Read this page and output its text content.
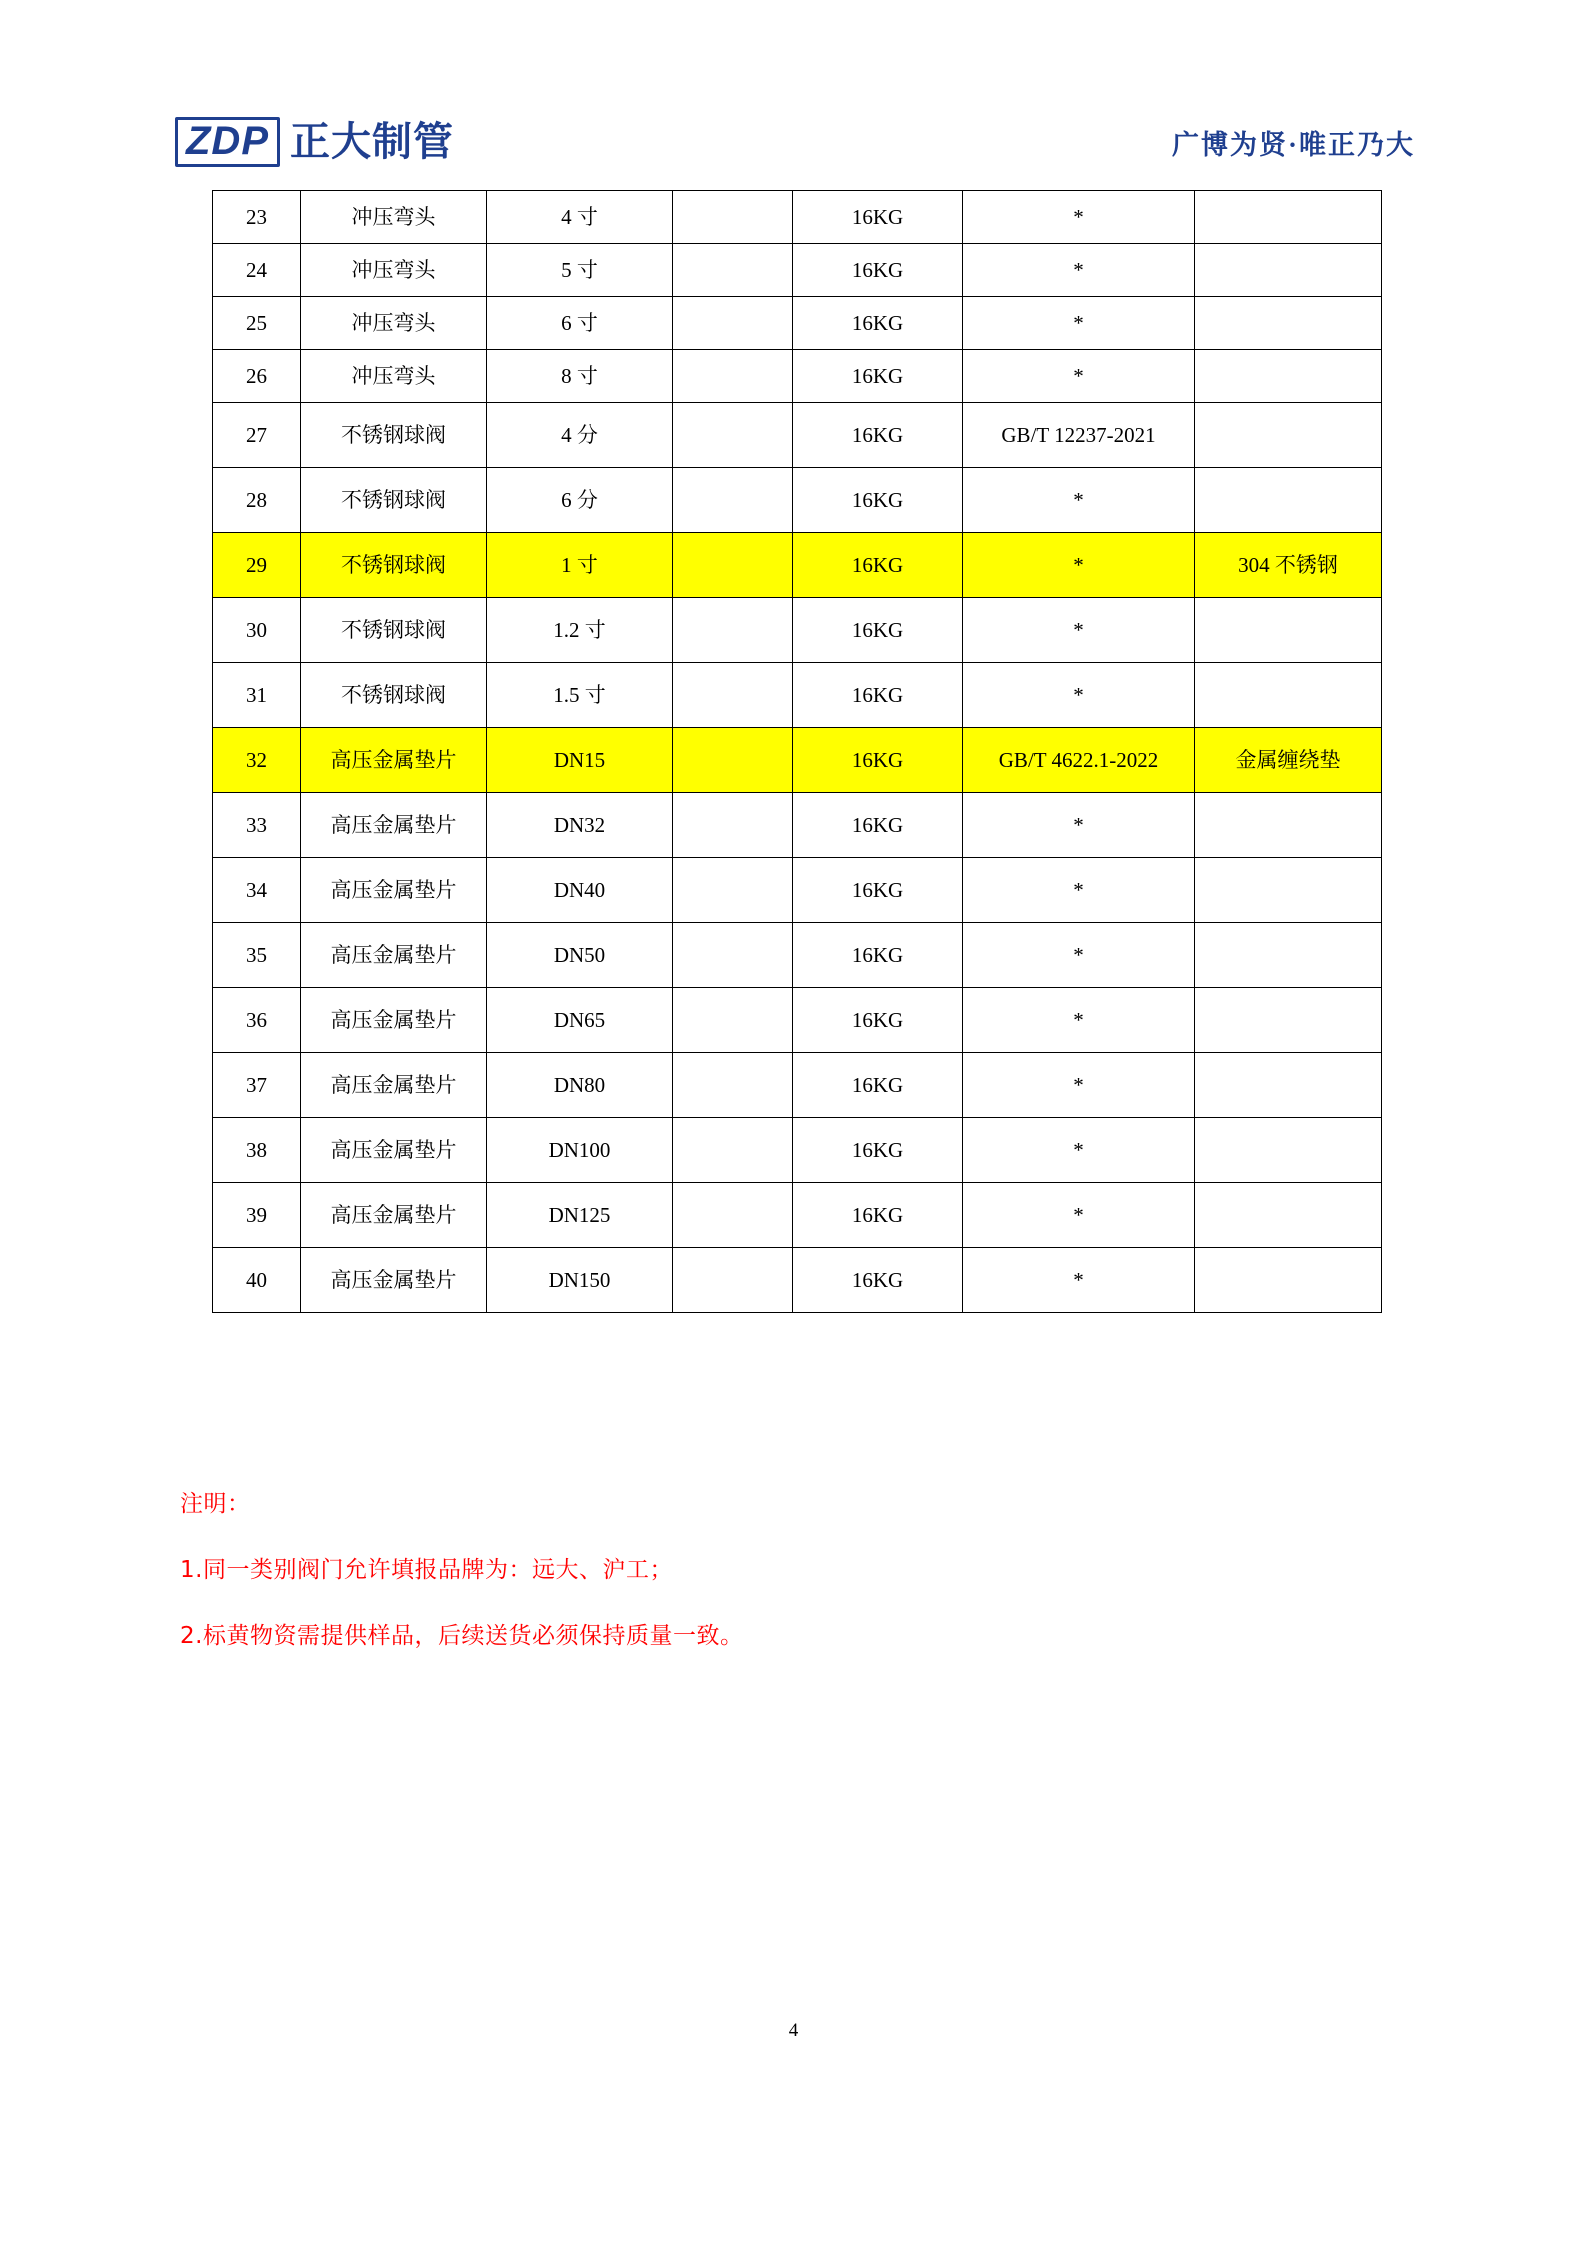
ZDP 正大制管	广博为贤·唯正乃大
23	冲压弯头	4 寸		16KG	*	
24	冲压弯头	5 寸		16KG	*	
25	冲压弯头	6 寸		16KG	*	
26	冲压弯头	8 寸		16KG	*	
27	不锈钢球阀	4 分		16KG	GB/T 12237-2021	
28	不锈钢球阀	6 分		16KG	*	
29	不锈钢球阀	1 寸		16KG	*	304 不锈钢
30	不锈钢球阀	1.2 寸		16KG	*	
31	不锈钢球阀	1.5 寸		16KG	*	
32	高压金属垫片	DN15		16KG	GB/T 4622.1-2022	金属缠绕垫
33	高压金属垫片	DN32		16KG	*	
34	高压金属垫片	DN40		16KG	*	
35	高压金属垫片	DN50		16KG	*	
36	高压金属垫片	DN65		16KG	*	
37	高压金属垫片	DN80		16KG	*	
38	高压金属垫片	DN100		16KG	*	
39	高压金属垫片	DN125		16KG	*	
40	高压金属垫片	DN150		16KG	*	
注明：
1.同一类别阀门允许填报品牌为：远大、沪工；
2.标黄物资需提供样品，后续送货必须保持质量一致。
4
